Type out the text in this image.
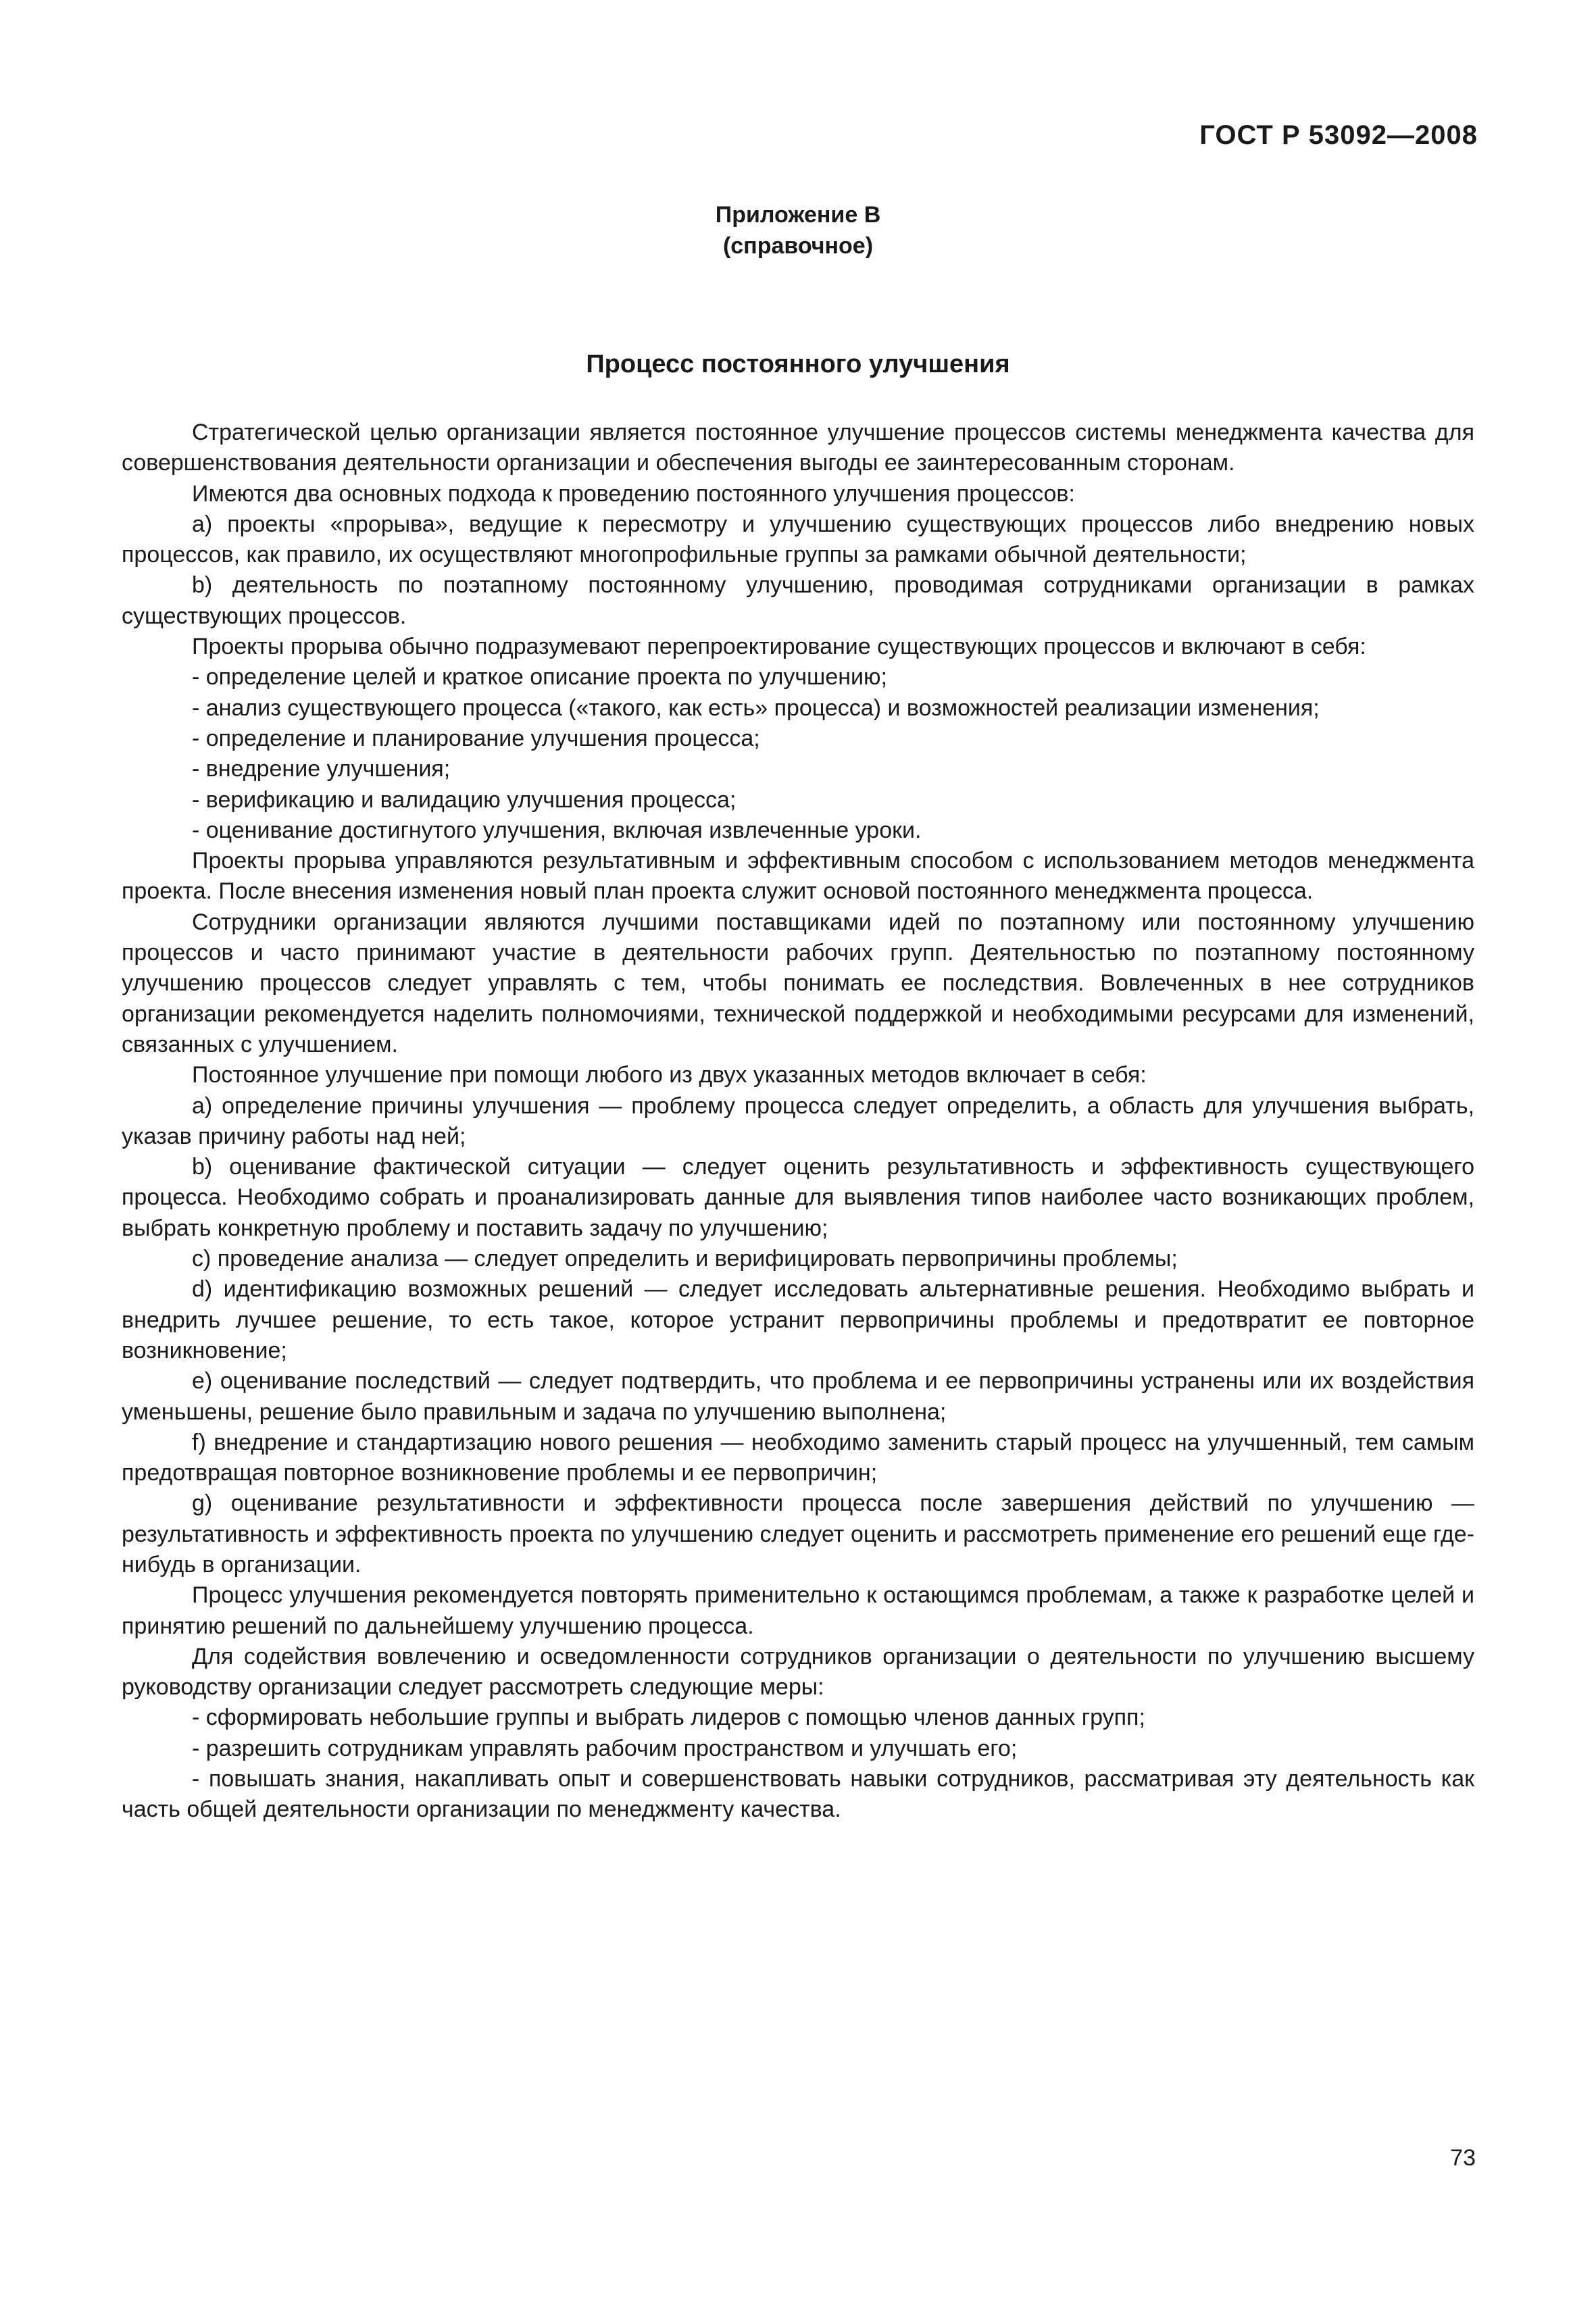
ГОСТ Р 53092—2008
Приложение В
(справочное)
Процесс постоянного улучшения

Стратегической целью организации является постоянное улучшение процессов системы менеджмента качества для совершенствования деятельности организации и обеспечения выгоды ее заинтересованным сторонам.

Имеются два основных подхода к проведению постоянного улучшения процессов:

a) проекты «прорыва», ведущие к пересмотру и улучшению существующих процессов либо внедрению новых процессов, как правило, их осуществляют многопрофильные группы за рамками обычной деятельности;

b) деятельность по поэтапному постоянному улучшению, проводимая сотрудниками организации в рамках существующих процессов.

Проекты прорыва обычно подразумевают перепроектирование существующих процессов и включают в себя:

- определение целей и краткое описание проекта по улучшению;

- анализ существующего процесса («такого, как есть» процесса) и возможностей реализации изменения;

- определение и планирование улучшения процесса;

- внедрение улучшения;

- верификацию и валидацию улучшения процесса;

- оценивание достигнутого улучшения, включая извлеченные уроки.

Проекты прорыва управляются результативным и эффективным способом с использованием методов менеджмента проекта. После внесения изменения новый план проекта служит основой постоянного менеджмента процесса.

Сотрудники организации являются лучшими поставщиками идей по поэтапному или постоянному улучшению процессов и часто принимают участие в деятельности рабочих групп. Деятельностью по поэтапному постоянному улучшению процессов следует управлять с тем, чтобы понимать ее последствия. Вовлеченных в нее сотрудников организации рекомендуется наделить полномочиями, технической поддержкой и необходимыми ресурсами для изменений, связанных с улучшением.

Постоянное улучшение при помощи любого из двух указанных методов включает в себя:

a) определение причины улучшения — проблему процесса следует определить, а область для улучшения выбрать, указав причину работы над ней;

b) оценивание фактической ситуации — следует оценить результативность и эффективность существующего процесса. Необходимо собрать и проанализировать данные для выявления типов наиболее часто возникающих проблем, выбрать конкретную проблему и поставить задачу по улучшению;

c) проведение анализа — следует определить и верифицировать первопричины проблемы;

d) идентификацию возможных решений — следует исследовать альтернативные решения. Необходимо выбрать и внедрить лучшее решение, то есть такое, которое устранит первопричины проблемы и предотвратит ее повторное возникновение;

e) оценивание последствий — следует подтвердить, что проблема и ее первопричины устранены или их воздействия уменьшены, решение было правильным и задача по улучшению выполнена;

f) внедрение и стандартизацию нового решения — необходимо заменить старый процесс на улучшенный, тем самым предотвращая повторное возникновение проблемы и ее первопричин;

g) оценивание результативности и эффективности процесса после завершения действий по улучшению — результативность и эффективность проекта по улучшению следует оценить и рассмотреть применение его решений еще где-нибудь в организации.

Процесс улучшения рекомендуется повторять применительно к остающимся проблемам, а также к разработке целей и принятию решений по дальнейшему улучшению процесса.

Для содействия вовлечению и осведомленности сотрудников организации о деятельности по улучшению высшему руководству организации следует рассмотреть следующие меры:

- сформировать небольшие группы и выбрать лидеров с помощью членов данных групп;

- разрешить сотрудникам управлять рабочим пространством и улучшать его;

- повышать знания, накапливать опыт и совершенствовать навыки сотрудников, рассматривая эту деятельность как часть общей деятельности организации по менеджменту качества.

73
